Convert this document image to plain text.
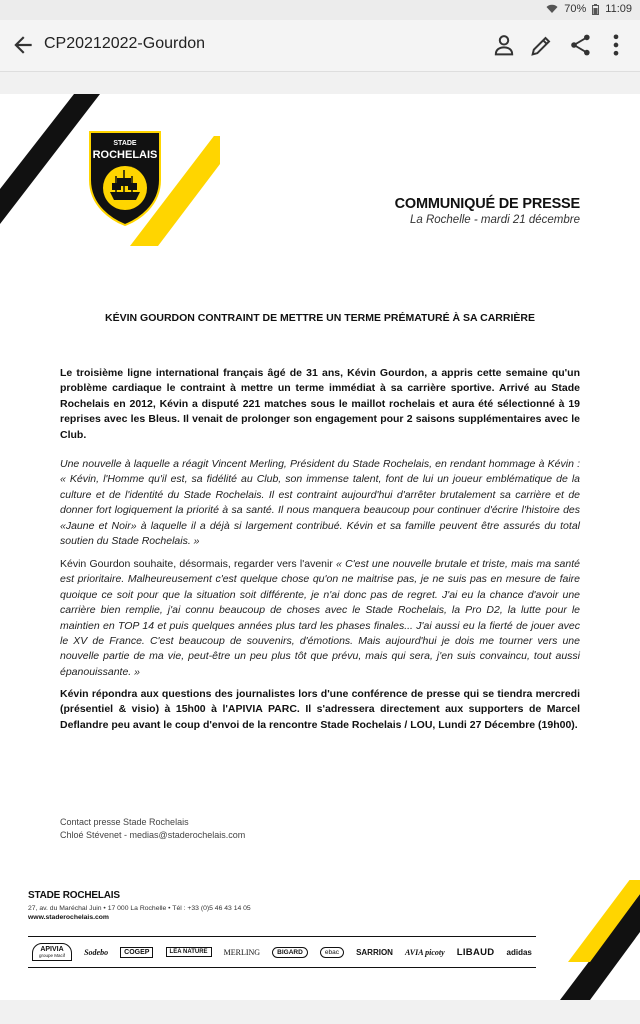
70% 11:09
CP20212022-Gourdon
STADE
ROCHELAIS
COMMUNIQUÉ DE PRESSE
La Rochelle - mardi 21 décembre
KÉVIN GOURDON CONTRAINT DE METTRE UN TERME PRÉMATURÉ À SA CARRIÈRE

Le troisième ligne international français âgé de 31 ans, Kévin Gourdon, a appris cette semaine qu'un problème cardiaque le contraint à mettre un terme immédiat à sa carrière sportive. Arrivé au Stade Rochelais en 2012, Kévin a disputé 221 matches sous le maillot rochelais et aura été sélectionné à 19 reprises avec les Bleus. Il venait de prolonger son engagement pour 2 saisons supplémentaires avec le Club.

Une nouvelle à laquelle a réagit Vincent Merling, Président du Stade Rochelais, en rendant hommage à Kévin : « Kévin, l'Homme qu'il est, sa fidélité au Club, son immense talent, font de lui un joueur emblématique de la culture et de l'identité du Stade Rochelais. Il est contraint aujourd'hui d'arrêter brutalement sa carrière et de donner fort logiquement la priorité à sa santé. Il nous manquera beaucoup pour continuer d'écrire l'histoire des «Jaune et Noir» à laquelle il a déjà si largement contribué. Kévin et sa famille peuvent être assurés du total soutien du Stade Rochelais. »

Kévin Gourdon souhaite, désormais, regarder vers l'avenir « C'est une nouvelle brutale et triste, mais ma santé est prioritaire. Malheureusement c'est quelque chose qu'on ne maitrise pas, je ne suis pas en mesure de faire quoique ce soit pour que la situation soit différente, je n'ai donc pas de regret. J'ai eu la chance d'avoir une carrière bien remplie, j'ai connu beaucoup de choses avec le Stade Rochelais, la Pro D2, la lutte pour le maintien en TOP 14 et puis quelques années plus tard les phases finales... J'ai aussi eu la fierté de jouer avec le XV de France. C'est beaucoup de souvenirs, d'émotions. Mais aujourd'hui je dois me tourner vers une nouvelle partie de ma vie, peut-être un peu plus tôt que prévu, mais qui sera, j'en suis convaincu, tout aussi épanouissante. »

Kévin répondra aux questions des journalistes lors d'une conférence de presse qui se tiendra mercredi (présentiel & visio) à 15h00 à l'APIVIA PARC. Il s'adressera directement aux supporters de Marcel Deflandre peu avant le coup d'envoi de la rencontre Stade Rochelais / LOU, Lundi 27 Décembre (19h00).

Contact presse Stade Rochelais
Chloé Stévenet - medias@staderochelais.com
STADE ROCHELAIS
27, av. du Maréchal Juin • 17 000 La Rochelle • Tél : +33 (0)5 46 43 14 05
www.staderochelais.com
APIVIA
groupe Macif Sodebo	COGEP	LÉA NATURE	MERLING	BIGARD	ebac	SARRION AVIA picoty LIBAUD adidas
